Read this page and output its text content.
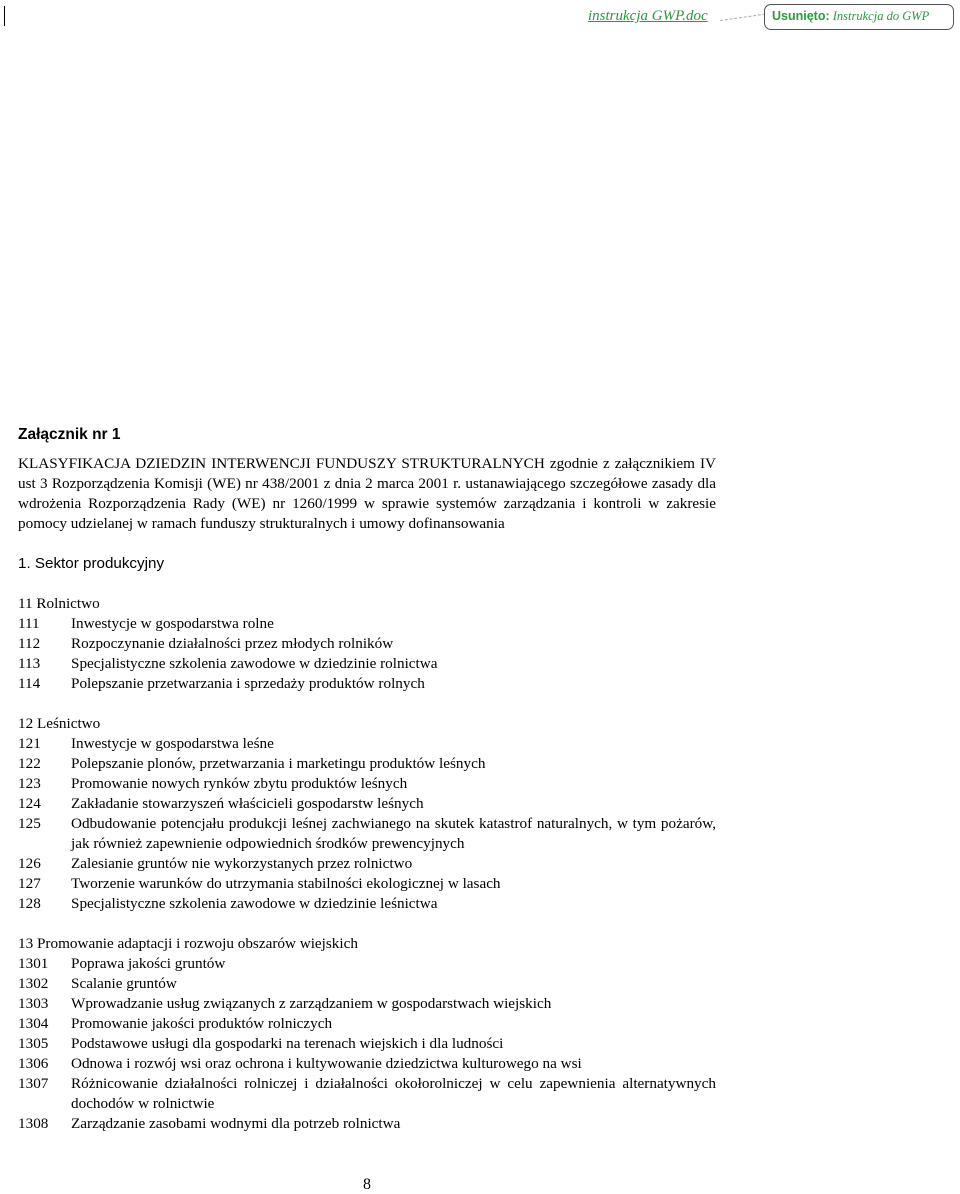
instrukcja GWP.doc	Usunięto: Instrukcja do GWP
Załącznik nr 1

KLASYFIKACJA DZIEDZIN INTERWENCJI FUNDUSZY STRUKTURALNYCH zgodnie z załącznikiem IV ust 3 Rozporządzenia Komisji (WE) nr 438/2001 z dnia 2 marca 2001 r. ustanawiającego szczegółowe zasady dla wdrożenia Rozporządzenia Rady (WE) nr 1260/1999 w sprawie systemów zarządzania i kontroli w zakresie pomocy udzielanej w ramach funduszy strukturalnych i umowy dofinansowania

1. Sektor produkcyjny
11 Rolnictwo
111	Inwestycje w gospodarstwa rolne
112	Rozpoczynanie działalności przez młodych rolników
113	Specjalistyczne szkolenia zawodowe w dziedzinie rolnictwa
114	Polepszanie przetwarzania i sprzedaży produktów rolnych
12 Leśnictwo
121	Inwestycje w gospodarstwa leśne
122	Polepszanie plonów, przetwarzania i marketingu produktów leśnych
123	Promowanie nowych rynków zbytu produktów leśnych
124	Zakładanie stowarzyszeń właścicieli gospodarstw leśnych
125	Odbudowanie potencjału produkcji leśnej zachwianego na skutek katastrof naturalnych, w tym pożarów, jak również zapewnienie odpowiednich środków prewencyjnych
126	Zalesianie gruntów nie wykorzystanych przez rolnictwo
127	Tworzenie warunków do utrzymania stabilności ekologicznej w lasach
128	Specjalistyczne szkolenia zawodowe w dziedzinie leśnictwa
13 Promowanie adaptacji i rozwoju obszarów wiejskich
1301	Poprawa jakości gruntów
1302	Scalanie gruntów
1303	Wprowadzanie usług związanych z zarządzaniem w gospodarstwach wiejskich
1304	Promowanie jakości produktów rolniczych
1305	Podstawowe usługi dla gospodarki na terenach wiejskich i dla ludności
1306	Odnowa i rozwój wsi oraz ochrona i kultywowanie dziedzictwa kulturowego na wsi
1307	Różnicowanie działalności rolniczej i działalności okołorolniczej w celu zapewnienia alternatywnych dochodów w rolnictwie
1308	Zarządzanie zasobami wodnymi dla potrzeb rolnictwa
8
